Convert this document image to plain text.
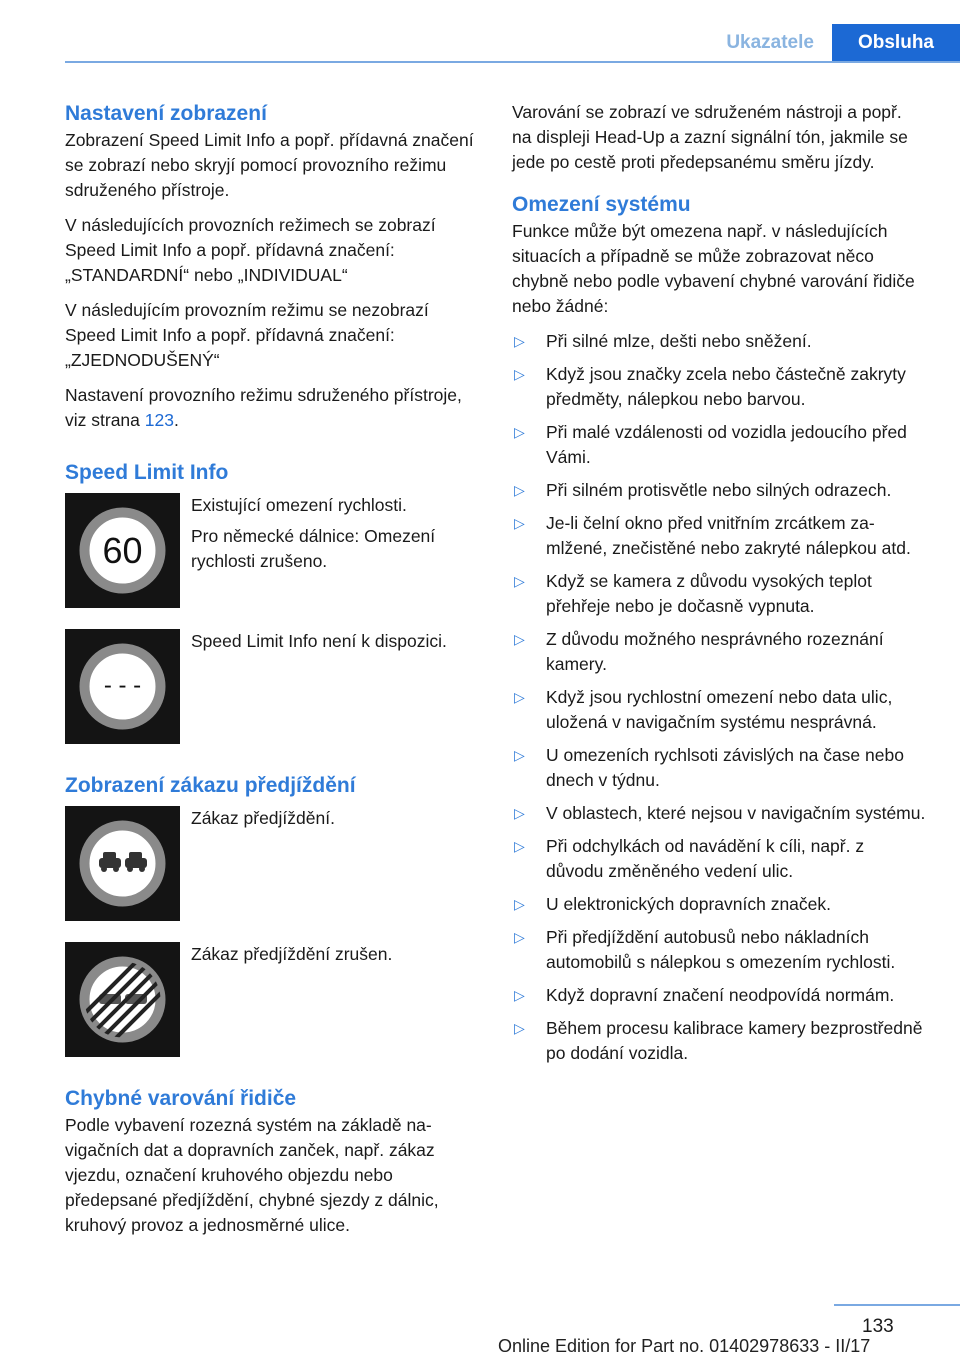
Ukazatele	Obsluha
Nastavení zobrazení

Zobrazení Speed Limit Info a popř. přídavná značení se zobrazí nebo skryjí pomocí provozního režimu sdruženého přístroje.

V následujících provozních režimech se zobrazí Speed Limit Info a popř. přídavná značení: „STANDARDNÍ“ nebo „INDIVIDUAL“

V následujícím provozním režimu se nezobrazí Speed Limit Info a popř. přídavná značení: „ZJEDNODUŠENÝ“

Nastavení provozního režimu sdruženého přístroje, viz strana 123.

Speed Limit Info
60

Existující omezení rychlosti.

Pro německé dálnice: Omezení rychlosti zrušeno.

- - -

Speed Limit Info není k dispozici.

Zobrazení zákazu předjíždění

Zákaz předjíždění.

Zákaz předjíždění zrušen.

Chybné varování řidiče

Podle vybavení rozezná systém na základě navigačních dat a dopravních zanček, např. zákaz vjezdu, označení kruhového objezdu nebo předepsané předjíždění, chybné sjezdy z dálnic, kruhový provoz a jednosměrné ulice.

Varování se zobrazí ve sdruženém nástroji a popř. na displeji Head-Up a zazní signální tón, jakmile se jede po cestě proti předepsanému směru jízdy.

Omezení systému

Funkce může být omezena např. v následujících situacích a případně se může zobrazovat něco chybně nebo podle vybavení chybné varování řidiče nebo žádné:

▷ Při silné mlze, dešti nebo sněžení.
▷ Když jsou značky zcela nebo částečně zakryty předměty, nálepkou nebo barvou.
▷ Při malé vzdálenosti od vozidla jedoucího před Vámi.
▷ Při silném protisvětle nebo silných odrazech.
▷ Je-li čelní okno před vnitřním zrcátkem zamlžené, znečistěné nebo zakryté nálepkou atd.
▷ Když se kamera z důvodu vysokých teplot přehřeje nebo je dočasně vypnuta.
▷ Z důvodu možného nesprávného rozeznání kamery.
▷ Když jsou rychlostní omezení nebo data ulic, uložená v navigačním systému nesprávná.
▷ U omezeních rychlsoti závislých na čase nebo dnech v týdnu.
▷ V oblastech, které nejsou v navigačním systému.
▷ Při odchylkách od navádění k cíli, např. z důvodu změněného vedení ulic.
▷ U elektronických dopravních značek.
▷ Při předjíždění autobusů nebo nákladních automobilů s nálepkou s omezením rychlosti.
▷ Když dopravní značení neodpovídá normám.
▷ Během procesu kalibrace kamery bezprostředně po dodání vozidla.
133
Online Edition for Part no. 01402978633 - II/17
